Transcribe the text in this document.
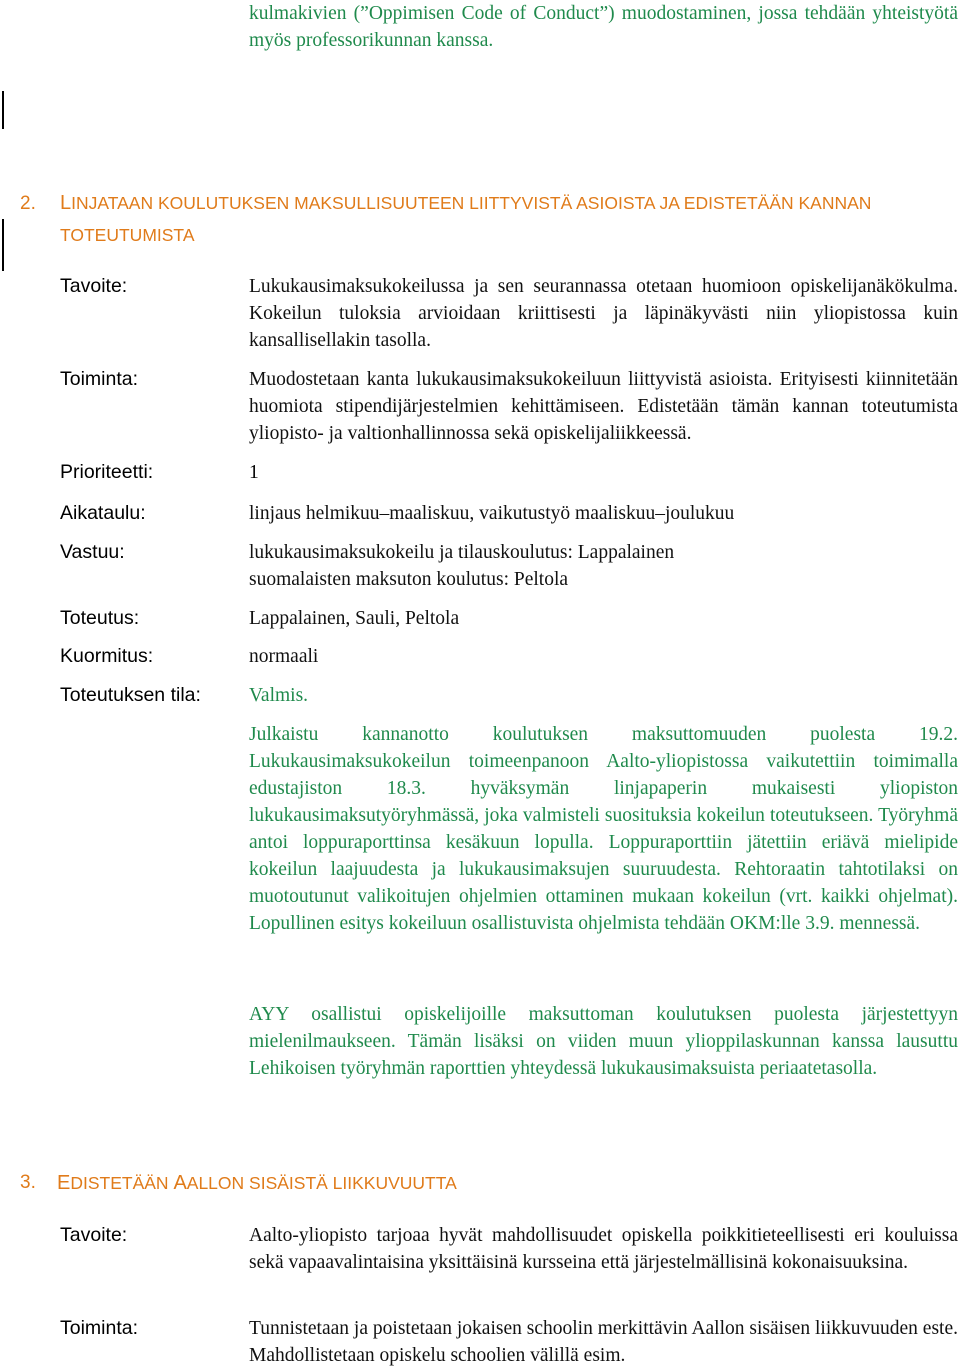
kulmakivien (”Oppimisen Code of Conduct”) muodostaminen, jossa tehdään yhteistyötä myös professorikunnan kanssa.

2. LINJATAAN KOULUTUKSEN MAKSULLISUUTEEN LIITTYVISTÄ ASIOISTA JA EDISTETÄÄN KANNAN
TOTEUTUMISTA
Tavoite:	Lukukausimaksukokeilussa ja sen seurannassa otetaan huomioon opiskelijanäkökulma. Kokeilun tuloksia arvioidaan kriittisesti ja läpinäkyvästi niin yliopistossa kuin kansallisellakin tasolla.

Toiminta:	Muodostetaan kanta lukukausimaksukokeiluun liittyvistä asioista. Erityisesti kiinnitetään huomiota stipendijärjestelmien kehittämiseen. Edistetään tämän kannan toteutumista yliopisto- ja valtionhallinnossa sekä opiskelijaliikkeessä.

Prioriteetti:	1
Aikataulu:	linjaus helmikuu–maaliskuu, vaikutustyö maaliskuu–joulukuu

Vastuu:	lukukausimaksukokeilu ja tilauskoulutus: Lappalainen

suomalaisten maksuton koulutus: Peltola

Toteutus:	Lappalainen, Sauli, Peltola

Kuormitus:	normaali

Toteutuksen tila: Valmis.

Julkaistu kannanotto koulutuksen maksuttomuuden puolesta 19.2. Lukukausimaksukokeilun toimeenpanoon Aalto-yliopistossa vaikutettiin toimimalla edustajiston 18.3. hyväksymän linjapaperin mukaisesti yliopiston lukukausimaksutyöryhmässä, joka valmisteli suosituksia kokeilun toteutukseen. Työryhmä antoi loppuraporttinsa kesäkuun lopulla. Loppuraporttiin jätettiin eriävä mielipide kokeilun laajuudesta ja lukukausimaksujen suuruudesta. Rehtoraatin tahtotilaksi on muotoutunut valikoitujen ohjelmien ottaminen mukaan kokeilun (vrt. kaikki ohjelmat). Lopullinen esitys kokeiluun osallistuvista ohjelmista tehdään OKM:lle 3.9. mennessä.

AYY osallistui opiskelijoille maksuttoman koulutuksen puolesta järjestettyyn mielenilmaukseen. Tämän lisäksi on viiden muun ylioppilaskunnan kanssa lausuttu Lehikoisen työryhmän raporttien yhteydessä lukukausimaksuista periaatetasolla.

3. EDISTETÄÄN AALLON SISÄISTÄ LIIKKUVUUTTA
Tavoite:	Aalto-yliopisto tarjoaa hyvät mahdollisuudet opiskella poikkitieteellisesti eri kouluissa sekä vapaavalintaisina yksittäisinä kursseina että järjestelmällisinä kokonaisuuksina.

Toiminta:	Tunnistetaan ja poistetaan jokaisen schoolin merkittävin Aallon sisäisen liikkuvuuden este. Mahdollistetaan opiskelu schoolien välillä esim.
